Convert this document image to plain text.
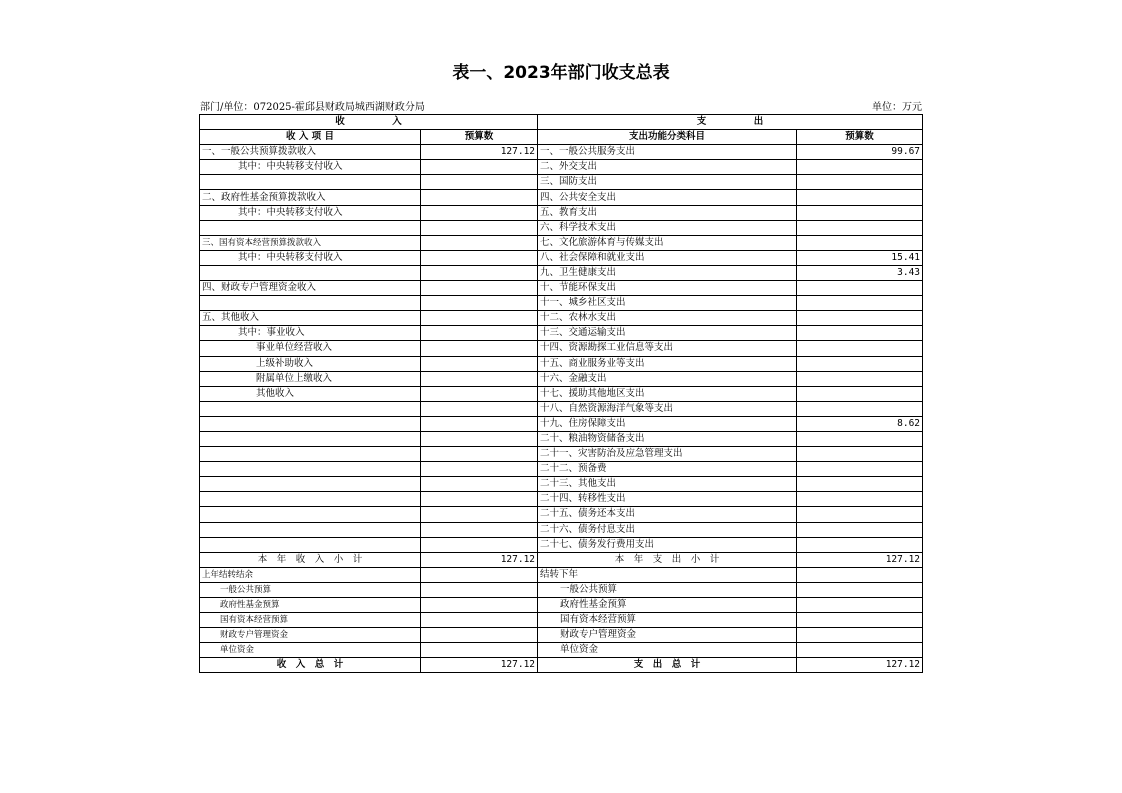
表一、2023年部门收支总表
部门/单位：072025-霍邱县财政局城西湖财政分局	单位：万元
收　　　　　入		支　　　　　出	
收 入 项 目	预算数	支出功能分类科目	预算数
一、一般公共预算拨款收入	127.12	一、一般公共服务支出	99.67
其中：中央转移支付收入		二、外交支出	
		三、国防支出	
二、政府性基金预算拨款收入		四、公共安全支出	
其中：中央转移支付收入		五、教育支出	
		六、科学技术支出	
三、国有资本经营预算拨款收入		七、文化旅游体育与传媒支出	
其中：中央转移支付收入		八、社会保障和就业支出	15.41
		九、卫生健康支出	3.43
四、财政专户管理资金收入		十、节能环保支出	
		十一、城乡社区支出	
五、其他收入		十二、农林水支出	
其中：事业收入		十三、交通运输支出	
事业单位经营收入		十四、资源勘探工业信息等支出	
上级补助收入		十五、商业服务业等支出	
附属单位上缴收入		十六、金融支出	
其他收入		十七、援助其他地区支出	
		十八、自然资源海洋气象等支出	
		十九、住房保障支出	8.62
		二十、粮油物资储备支出	
		二十一、灾害防治及应急管理支出	
		二十二、预备费	
		二十三、其他支出	
		二十四、转移性支出	
		二十五、债务还本支出	
		二十六、债务付息支出	
		二十七、债务发行费用支出	
本　年　收　入　小　计	127.12	本　年　支　出　小　计	127.12
上年结转结余		结转下年	
一般公共预算		一般公共预算	
政府性基金预算		政府性基金预算	
国有资本经营预算		国有资本经营预算	
财政专户管理资金		财政专户管理资金	
单位资金		单位资金	
收　入　总　计	127.12	支　出　总　计	127.12
